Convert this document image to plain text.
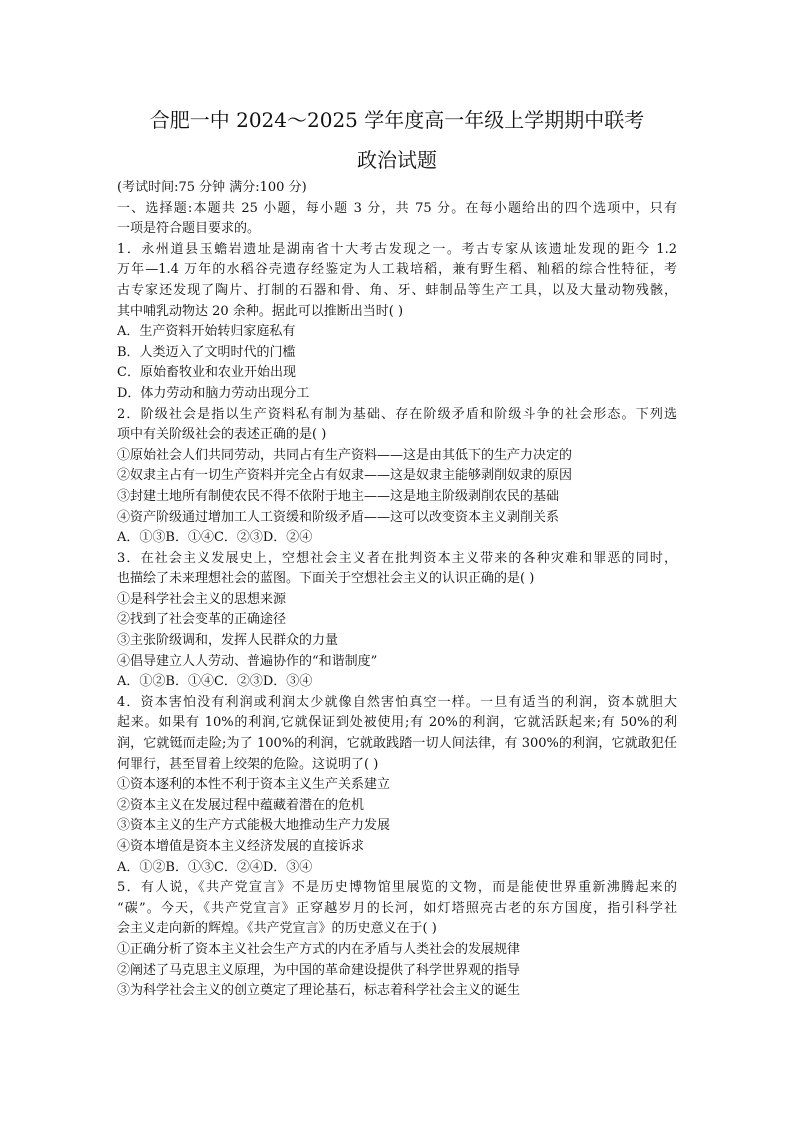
合肥一中 2024～2025 学年度高一年级上学期期中联考
政治试题
(考试时间:75 分钟 满分:100 分)
一、选择题:本题共 25 小题，每小题 3 分，共 75 分。在每小题给出的四个选项中，只有
一项是符合题目要求的。
1．永州道县玉蟾岩遗址是湖南省十大考古发现之一。考古专家从该遗址发现的距今 1.2
万年—1.4 万年的水稻谷壳遗存经鉴定为人工栽培稻，兼有野生稻、籼稻的综合性特征，考
古专家还发现了陶片、打制的石器和骨、角、牙、蚌制品等生产工具，以及大量动物残骸，
其中哺乳动物达 20 余种。据此可以推断出当时( )
A．生产资料开始转归家庭私有
B．人类迈入了文明时代的门槛
C．原始畜牧业和农业开始出现
D．体力劳动和脑力劳动出现分工
2．阶级社会是指以生产资料私有制为基础、存在阶级矛盾和阶级斗争的社会形态。下列选
项中有关阶级社会的表述正确的是( )
①原始社会人们共同劳动，共同占有生产资料——这是由其低下的生产力决定的
②奴隶主占有一切生产资料并完全占有奴隶——这是奴隶主能够剥削奴隶的原因
③封建土地所有制使农民不得不依附于地主——这是地主阶级剥削农民的基础
④资产阶级通过增加工人工资缓和阶级矛盾——这可以改变资本主义剥削关系
A．①③B．①④C．②③D．②④
3．在社会主义发展史上，空想社会主义者在批判资本主义带来的各种灾难和罪恶的同时，
也描绘了未来理想社会的蓝图。下面关于空想社会主义的认识正确的是( )
①是科学社会主义的思想来源
②找到了社会变革的正确途径
③主张阶级调和，发挥人民群众的力量
④倡导建立人人劳动、普遍协作的“和谐制度”
A．①②B．①④C．②③D．③④
4．资本害怕没有利润或利润太少就像自然害怕真空一样。一旦有适当的利润，资本就胆大
起来。如果有 10%的利润,它就保证到处被使用;有 20%的利润，它就活跃起来;有 50%的利
润，它就铤而走险;为了 100%的利润，它就敢践踏一切人间法律，有 300%的利润，它就敢犯任
何罪行，甚至冒着上绞架的危险。这说明了( )
①资本逐利的本性不利于资本主义生产关系建立
②资本主义在发展过程中蕴藏着潜在的危机
③资本主义的生产方式能极大地推动生产力发展
④资本增值是资本主义经济发展的直接诉求
A．①②B．①③C．②④D．③④
5．有人说，《共产党宣言》不是历史博物馆里展览的文物，而是能使世界重新沸腾起来的
“碳”。今天，《共产党宣言》正穿越岁月的长河，如灯塔照亮古老的东方国度，指引科学社
会主义走向新的辉煌。《共产党宣言》的历史意义在于( )
①正确分析了资本主义社会生产方式的内在矛盾与人类社会的发展规律
②阐述了马克思主义原理，为中国的革命建设提供了科学世界观的指导
③为科学社会主义的创立奠定了理论基石，标志着科学社会主义的诞生
